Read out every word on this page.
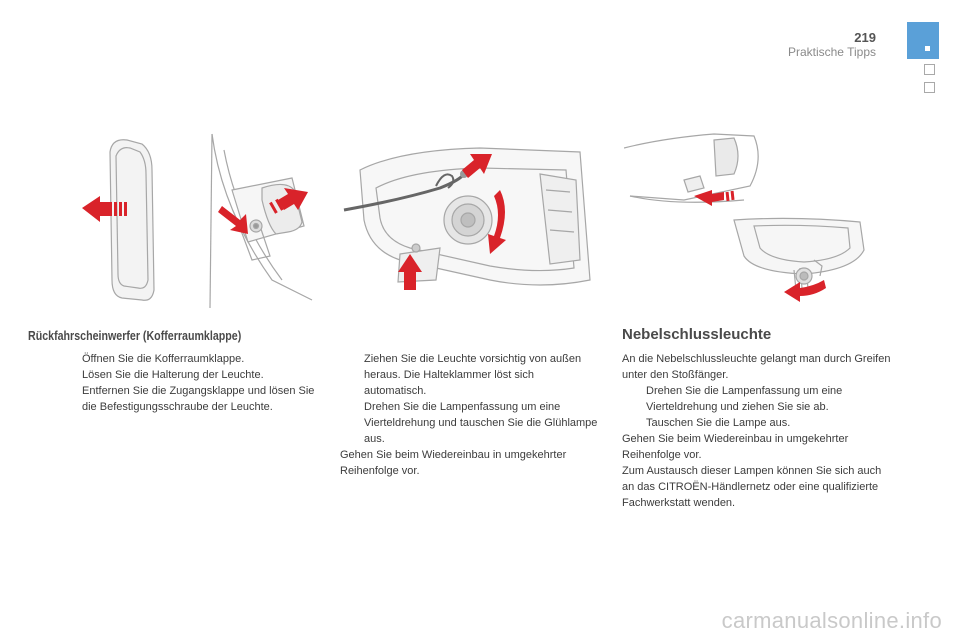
219
Praktische Tipps
Rückfahrscheinwerfer (Kofferraumklappe)
Öffnen Sie die Kofferraumklappe.
Lösen Sie die Halterung der Leuchte.
Entfernen Sie die Zugangsklappe und lösen Sie die Befestigungsschraube der Leuchte.
Ziehen Sie die Leuchte vorsichtig von außen heraus. Die Halteklammer löst sich automatisch.
Drehen Sie die Lampenfassung um eine Vierteldrehung und tauschen Sie die Glühlampe aus.
Gehen Sie beim Wiedereinbau in umgekehrter Reihenfolge vor.
Nebelschlussleuchte
An die Nebelschlussleuchte gelangt man durch Greifen unter den Stoßfänger.
Drehen Sie die Lampenfassung um eine Vierteldrehung und ziehen Sie sie ab.
Tauschen Sie die Lampe aus.
Gehen Sie beim Wiedereinbau in umgekehrter Reihenfolge vor.
Zum Austausch dieser Lampen können Sie sich auch an das CITROËN-Händlernetz oder eine qualifizierte Fachwerkstatt wenden.
carmanualsonline.info
